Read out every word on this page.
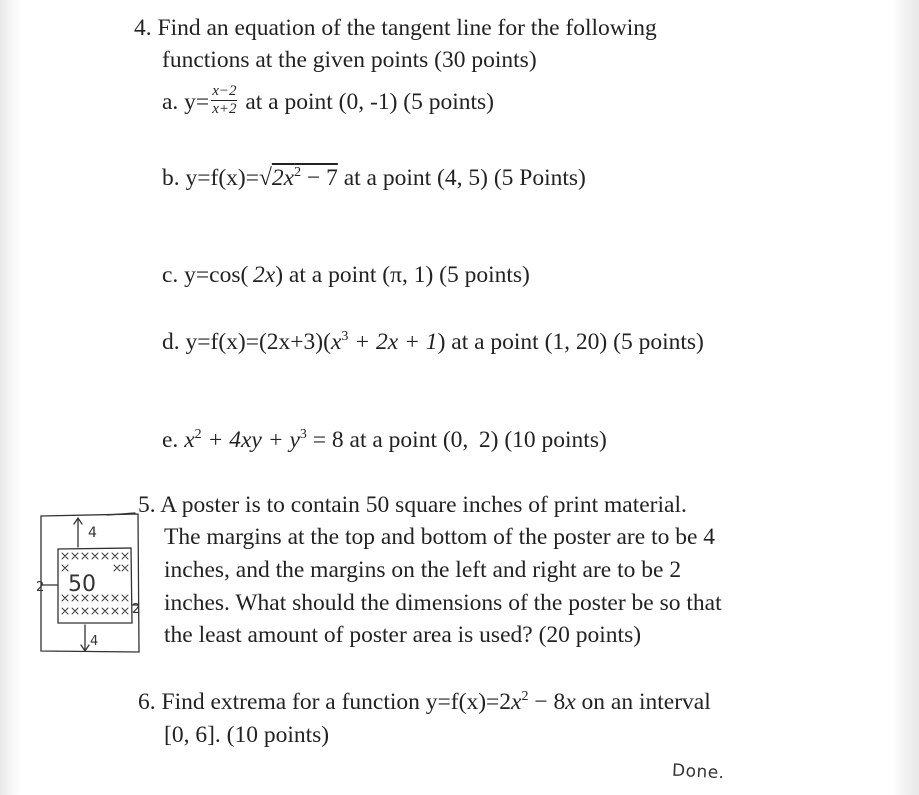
4. Find an equation of the tangent line for the following
functions at the given points (30 points)
a. $y= \frac{x-2}{x+2}$ at a point (0, -1) (5 points)
b. $y=f(x)=√2x^2 - 7$ at a point (4, 5) (5 Points)
c. y=cos( 2x) at a point (π, 1) (5 points)
d. $y=f(x)=(2x+3)(x^3 + 2x + 1)$ at a point (1, 20) (5 points)
e. $x^2 + 4xy + y^3 = 8$ at a point (0,  2) (10 points)
5. A poster is to contain 50 square inches of print material.
The margins at the top and bottom of the poster are to be 4
inches, and the margins on the left and right are to be 2
inches. What should the dimensions of the poster be so that
the least amount of poster area is used? (20 points)
4
4
2
2
50
6. Find extrema for a function $y=f(x)=2x^2 - 8x$ on an interval
[0, 6]. (10 points)
Done.
